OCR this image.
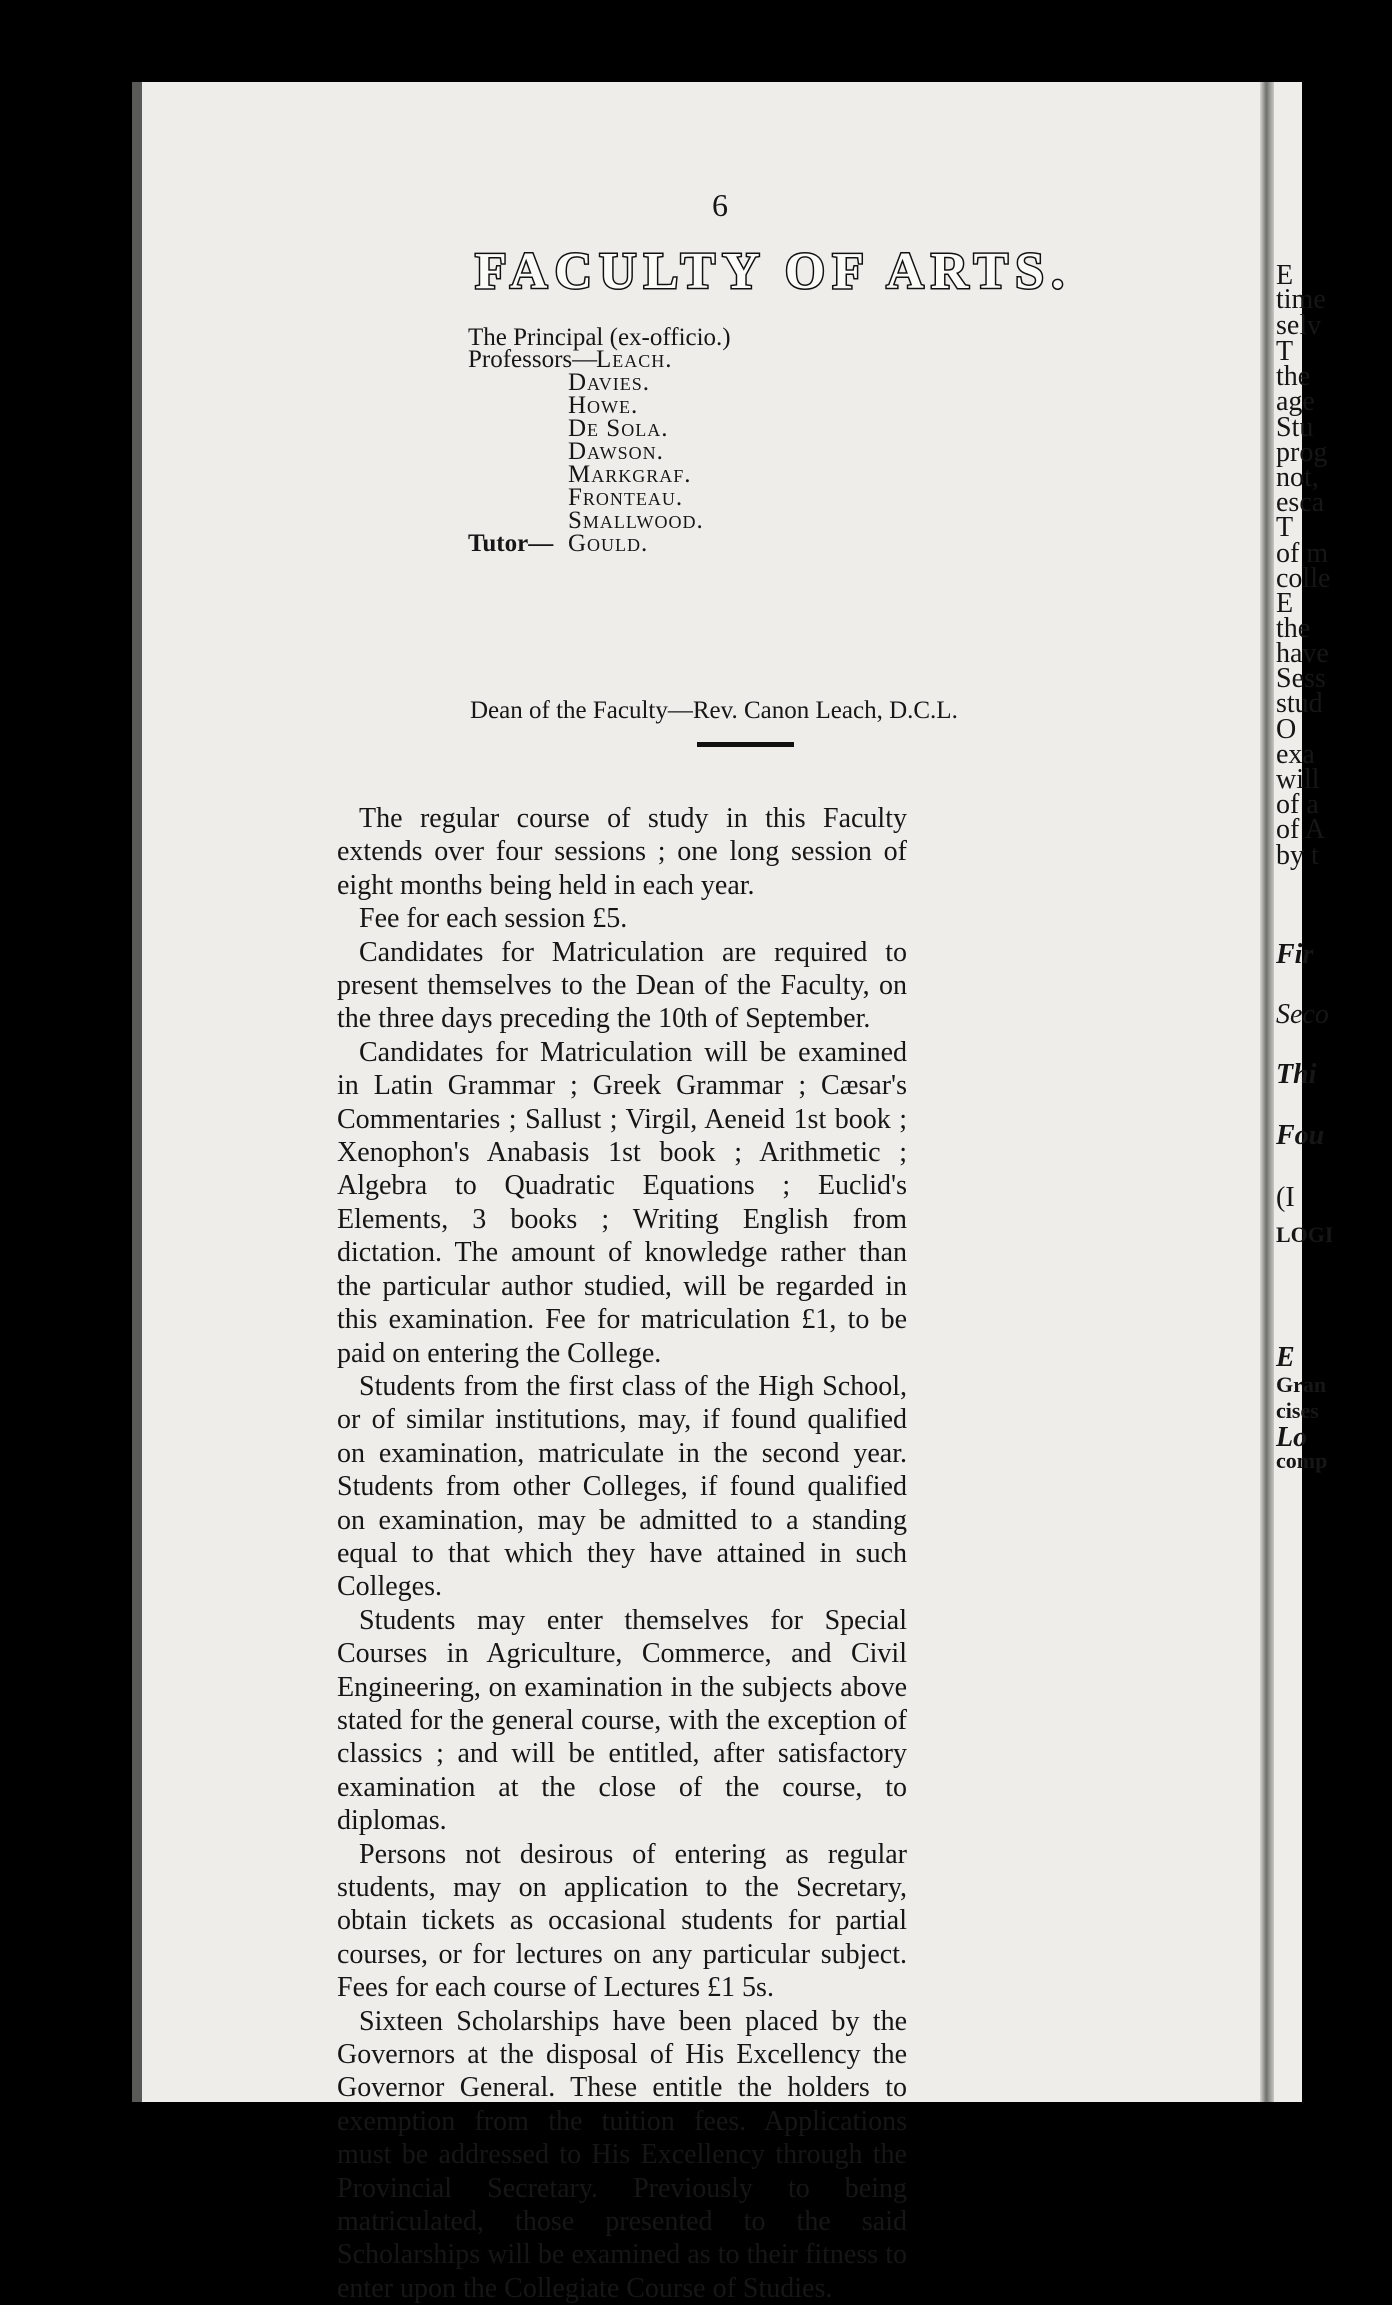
6
FACULTY OF ARTS.
The Principal (ex-officio.)
Professors—
Leach.
Davies.
Howe.
De Sola.
Dawson.
Markgraf.
Fronteau.
Smallwood.
Tutor— Gould.
Dean of the Faculty—Rev. Canon Leach, D.C.L.

The regular course of study in this Faculty extends over four sessions ; one long session of eight months being held in each year.

Fee for each session £5.

Candidates for Matriculation are required to present themselves to the Dean of the Faculty, on the three days preceding the 10th of September.

Candidates for Matriculation will be examined in Latin Grammar ; Greek Grammar ; Cæsar's Commentaries ; Sallust ; Virgil, Aeneid 1st book ; Xenophon's Anabasis 1st book ; Arithmetic ; Algebra to Quadratic Equations ; Euclid's Elements, 3 books ; Writing English from dictation. The amount of knowledge rather than the particular author studied, will be regarded in this examination. Fee for matriculation £1, to be paid on entering the College.

Students from the first class of the High School, or of similar institutions, may, if found qualified on examination, matriculate in the second year. Students from other Colleges, if found qualified on examination, may be admitted to a standing equal to that which they have attained in such Colleges.

Students may enter themselves for Special Courses in Agriculture, Commerce, and Civil Engineering, on examination in the subjects above stated for the general course, with the exception of classics ; and will be entitled, after satisfactory examination at the close of the course, to diplomas.

Persons not desirous of entering as regular students, may on application to the Secretary, obtain tickets as occasional students for partial courses, or for lectures on any particular subject. Fees for each course of Lectures £1 5s.

Sixteen Scholarships have been placed by the Governors at the disposal of His Excellency the Governor General. These entitle the holders to exemption from the tuition fees. Applications must be addressed to His Excellency through the Provincial Secretary. Previously to being matriculated, those presented to the said Scholarships will be examined as to their fitness to enter upon the Collegiate Course of Studies.

E
time
selv
T
the
age
Stu
prog
not,
esca
T
of m
colle
E
the
have
Sess
stud
O
exa
will
of a
of A
by t
Fir
Seco
Thi
Fou
(I
LOGI
E
Gran
cises
Lo
comp
